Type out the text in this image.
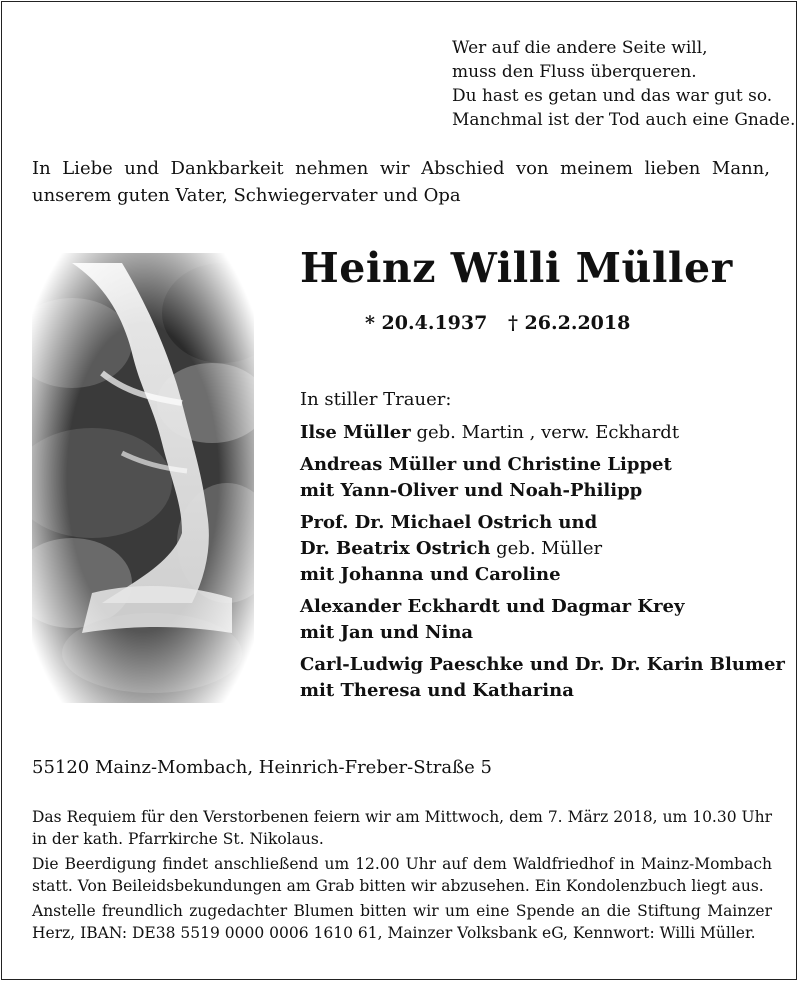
Wer auf die andere Seite will,
muss den Fluss überqueren.
Du hast es getan und das war gut so.
Manchmal ist der Tod auch eine Gnade.
In Liebe und Dankbarkeit nehmen wir Abschied von meinem lieben Mann, unserem guten Vater, Schwiegervater und Opa
Heinz Willi Müller
* 20.4.1937 † 26.2.2018
In stiller Trauer:
Ilse Müller geb. Martin , verw. Eckhardt
Andreas Müller und Christine Lippet
mit Yann-Oliver und Noah-Philipp
Prof. Dr. Michael Ostrich und
Dr. Beatrix Ostrich geb. Müller
mit Johanna und Caroline
Alexander Eckhardt und Dagmar Krey
mit Jan und Nina
Carl-Ludwig Paeschke und Dr. Dr. Karin Blumer
mit Theresa und Katharina
55120 Mainz-Mombach, Heinrich-Freber-Straße 5

Das Requiem für den Verstorbenen feiern wir am Mittwoch, dem 7. März 2018, um 10.30 Uhr in der kath. Pfarrkirche St. Nikolaus.

Die Beerdigung findet anschließend um 12.00 Uhr auf dem Waldfriedhof in Mainz-Mombach statt. Von Beileidsbekundungen am Grab bitten wir abzusehen. Ein Kondolenzbuch liegt aus.

Anstelle freundlich zugedachter Blumen bitten wir um eine Spende an die Stiftung Mainzer Herz, IBAN: DE38 5519 0000 0006 1610 61, Mainzer Volksbank eG, Kennwort: Willi Müller.
